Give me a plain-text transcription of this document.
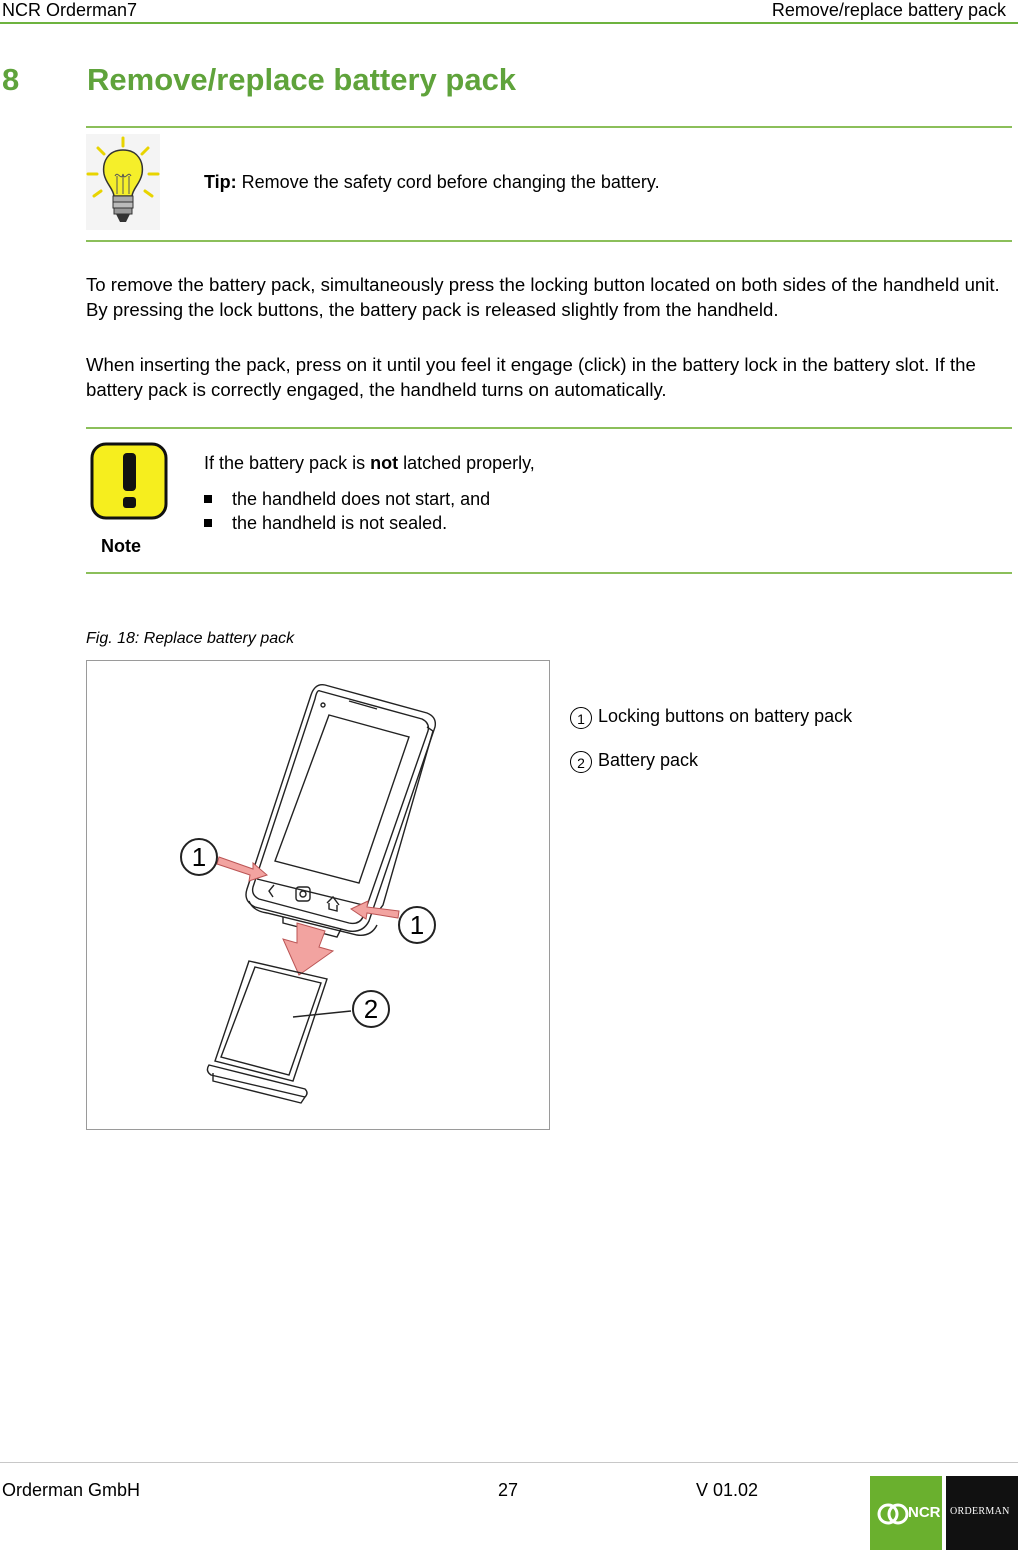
NCR Orderman7	Remove/replace battery pack
8 Remove/replace battery pack
Tip: Remove the safety cord before changing the battery.
To remove the battery pack, simultaneously press the locking button located on both sides of the handheld unit. By pressing the lock buttons, the battery pack is released slightly from the handheld.
When inserting the pack, press on it until you feel it engage (click) in the battery lock in the battery slot. If the battery pack is correctly engaged, the handheld turns on automatically.
Note
If the battery pack is not latched properly,
the handheld does not start, and
the handheld is not sealed.
Fig. 18: Replace battery pack
1
1
2
1 Locking buttons on battery pack
2 Battery pack
Orderman GmbH	27	V 01.02
NCR ORDERMAN
